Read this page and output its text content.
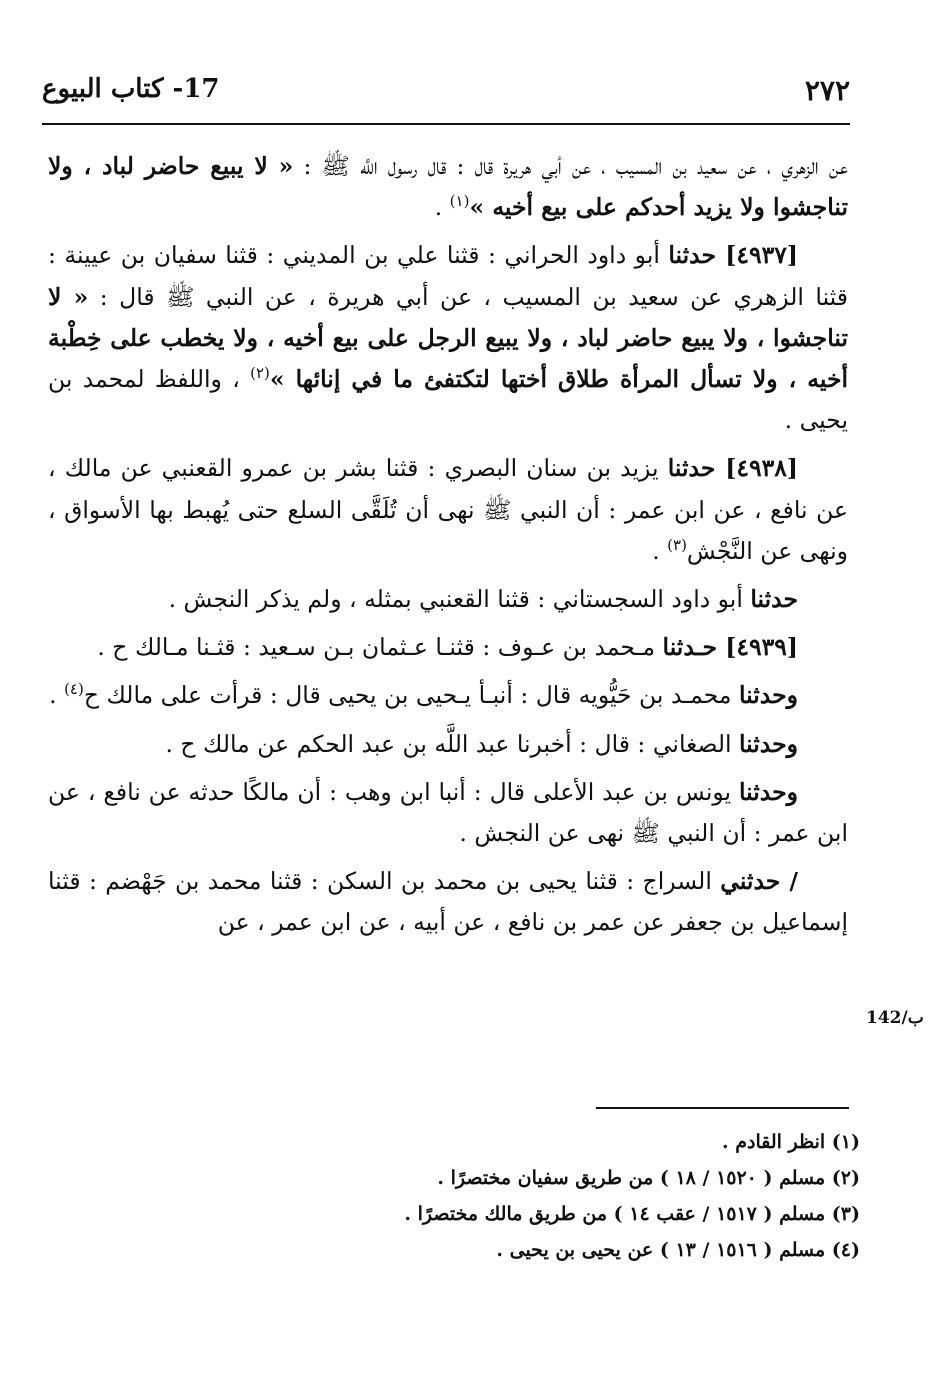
٢٧٢
17- كتاب البيوع

عن الزهري ، عن سعيد بن المسيب ، عن أبي هريرة قال : قال رسول اللَّه ﷺ : « لا يبيع حاضر لباد ، ولا تناجشوا ولا يزيد أحدكم على بيع أخيه »$^{(١)}$ .

[٤٩٣٧] حدثنا أبو داود الحراني : قثنا علي بن المديني : قثنا سفيان بن عيينة : قثنا الزهري عن سعيد بن المسيب ، عن أبي هريرة ، عن النبي ﷺ قال : « لا تناجشوا ، ولا يبيع حاضر لباد ، ولا يبيع الرجل على بيع أخيه ، ولا يخطب على خِطْبة أخيه ، ولا تسأل المرأة طلاق أختها لتكتفئ ما في إنائها »$^{(٢)}$ ، واللفظ لمحمد بن يحيى .

[٤٩٣٨] حدثنا يزيد بن سنان البصري : قثنا بشر بن عمرو القعنبي عن مالك ، عن نافع ، عن ابن عمر : أن النبي ﷺ نهى أن تُلَقَّى السلع حتى يُهبط بها الأسواق ، ونهى عن النَّجْش$^{(٣)}$ .

حدثنا أبو داود السجستاني : قثنا القعنبي بمثله ، ولم يذكر النجش .

[٤٩٣٩] حـدثنا مـحمد بن عـوف : قثنـا عـثمان بـن سـعيد : قثـنا مـالك ح .

وحدثنا محمـد بن حَيُّويه قال : أنبـأ يـحيى بن يحيى قال : قرأت على مالك ح$^{(٤)}$ .

وحدثنا الصغاني : قال : أخبرنا عبد اللَّه بن عبد الحكم عن مالك ح .

وحدثنا يونس بن عبد الأعلى قال : أنبا ابن وهب : أن مالكًا حدثه عن نافع ، عن ابن عمر : أن النبي ﷺ نهى عن النجش .

/ حدثني السراج : قثنا يحيى بن محمد بن السكن : قثنا محمد بن جَهْضم : قثنا إسماعيل بن جعفر عن عمر بن نافع ، عن أبيه ، عن ابن عمر ، عن

142/ب

(١) انظر القادم .

(٢) مسلم ( ١٥٢٠ / ١٨ ) من طريق سفيان مختصرًا .

(٣) مسلم ( ١٥١٧ / عقب ١٤ ) من طريق مالك مختصرًا .

(٤) مسلم ( ١٥١٦ / ١٣ ) عن يحيى بن يحيى .
